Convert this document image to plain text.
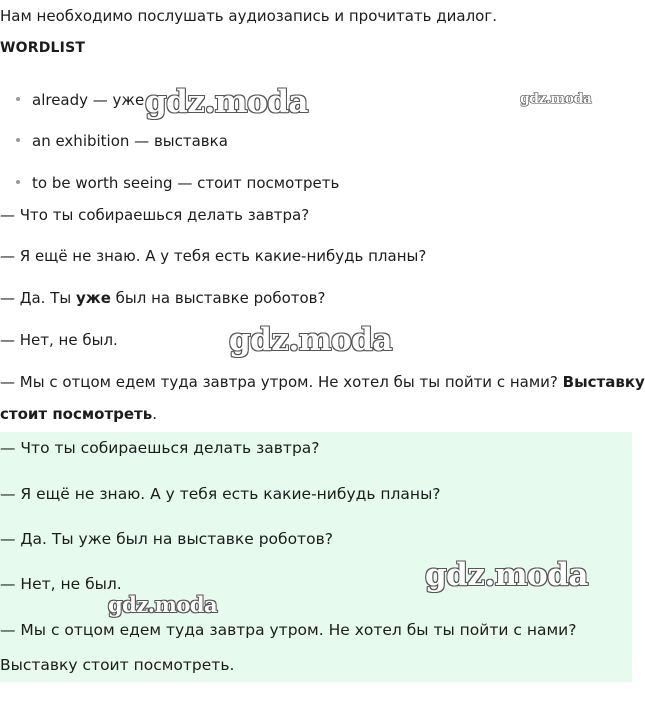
Нам необходимо послушать аудиозапись и прочитать диалог.
WORDLIST
already — уже
an exhibition — выставка
to be worth seeing — стоит посмотреть
— Что ты собираешься делать завтра?
— Я ещё не знаю. А у тебя есть какие-нибудь планы?
— Да. Ты уже был на выставке роботов?
— Нет, не был.
— Мы с отцом едем туда завтра утром. Не хотел бы ты пойти с нами? Выставку
стоит посмотреть.
— Что ты собираешься делать завтра?
— Я ещё не знаю. А у тебя есть какие-нибудь планы?
— Да. Ты уже был на выставке роботов?
— Нет, не был.
— Мы с отцом едем туда завтра утром. Не хотел бы ты пойти с нами?
Выставку стоит посмотреть.
gdz.moda	gdz.moda
gdz.moda
gdz.moda
gdz.moda
